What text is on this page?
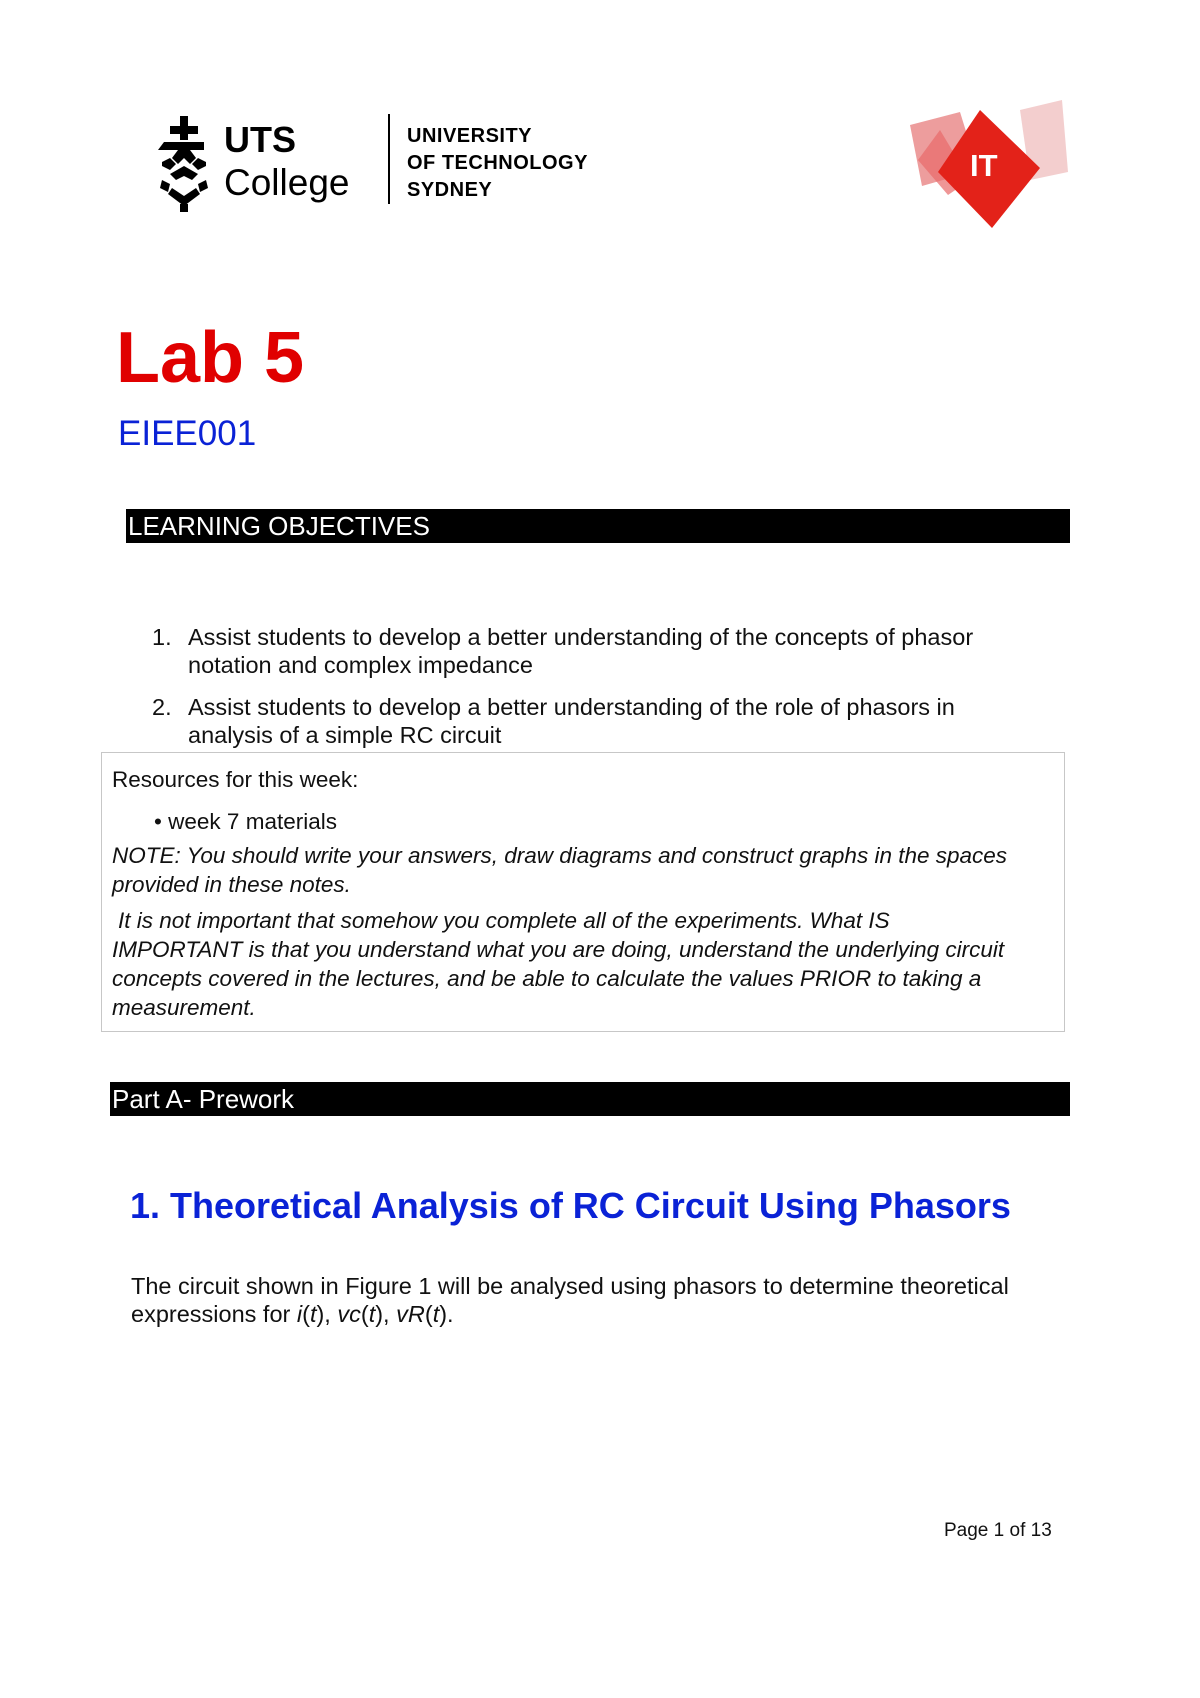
UTS
College
UNIVERSITY
OF TECHNOLOGY
SYDNEY
IT
Lab 5
EIEE001
LEARNING OBJECTIVES
1. Assist students to develop a better understanding of the concepts of phasor
notation and complex impedance
2. Assist students to develop a better understanding of the role of phasors in
analysis of a simple RC circuit
Resources for this week:
• week 7 materials
NOTE: You should write your answers, draw diagrams and construct graphs in the spaces
provided in these notes.
It is not important that somehow you complete all of the experiments. What IS
IMPORTANT is that you understand what you are doing, understand the underlying circuit
concepts covered in the lectures, and be able to calculate the values PRIOR to taking a
measurement.
Part A- Prework
1. Theoretical Analysis of RC Circuit Using Phasors
The circuit shown in Figure 1 will be analysed using phasors to determine theoretical
expressions for i(t), vc(t), vR(t).
Page 1 of 13
